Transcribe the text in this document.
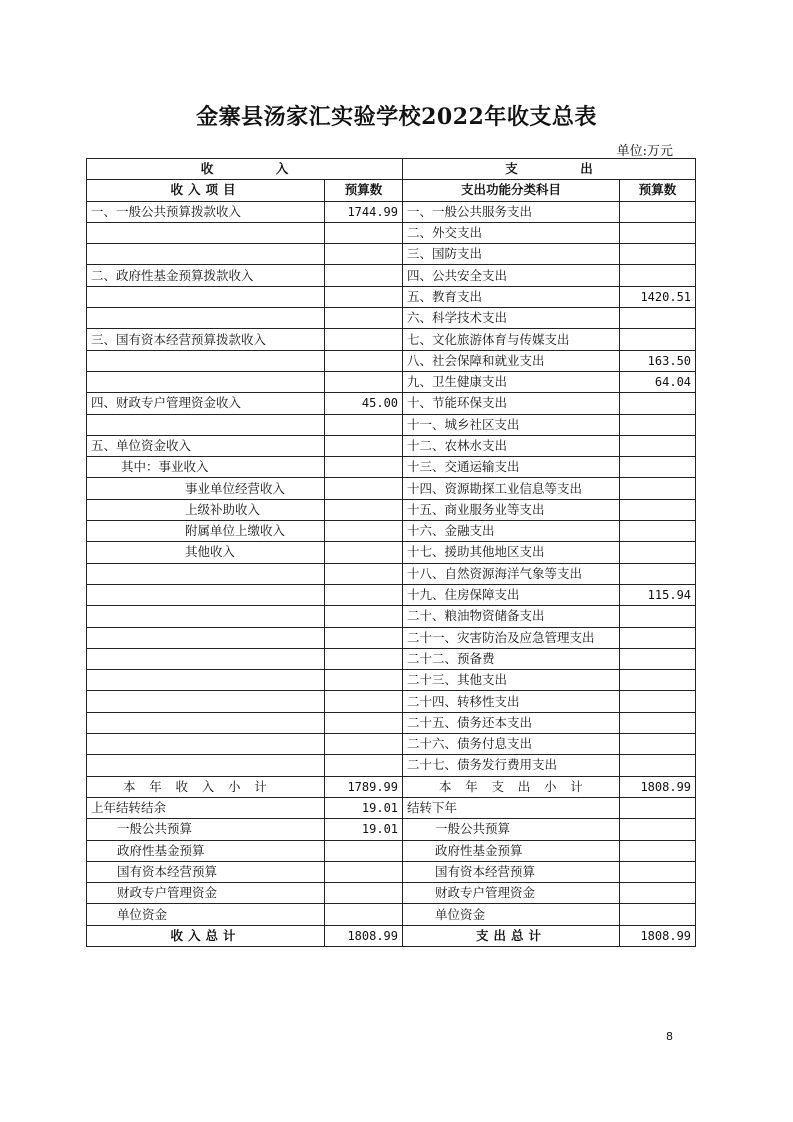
金寨县汤家汇实验学校2022年收支总表
单位:万元
收　　　　　入		支　　　　　出	
收入项目	预算数	支出功能分类科目	预算数
一、一般公共预算拨款收入	1744.99	一、一般公共服务支出	
		二、外交支出	
		三、国防支出	
二、政府性基金预算拨款收入		四、公共安全支出	
		五、教育支出	1420.51
		六、科学技术支出	
三、国有资本经营预算拨款收入		七、文化旅游体育与传媒支出	
		八、社会保障和就业支出	163.50
		九、卫生健康支出	64.04
四、财政专户管理资金收入	45.00	十、节能环保支出	
		十一、城乡社区支出	
五、单位资金收入		十二、农林水支出	
其中：事业收入		十三、交通运输支出	
事业单位经营收入		十四、资源勘探工业信息等支出	
上级补助收入		十五、商业服务业等支出	
附属单位上缴收入		十六、金融支出	
其他收入		十七、援助其他地区支出	
		十八、自然资源海洋气象等支出	
		十九、住房保障支出	115.94
		二十、粮油物资储备支出	
		二十一、灾害防治及应急管理支出	
		二十二、预备费	
		二十三、其他支出	
		二十四、转移性支出	
		二十五、债务还本支出	
		二十六、债务付息支出	
		二十七、债务发行费用支出	
本年收入小计	1789.99	本年支出小计	1808.99
上年结转结余	19.01	结转下年	
一般公共预算	19.01	一般公共预算	
政府性基金预算		政府性基金预算	
国有资本经营预算		国有资本经营预算	
财政专户管理资金		财政专户管理资金	
单位资金		单位资金	
收入总计	1808.99	支出总计	1808.99
8
